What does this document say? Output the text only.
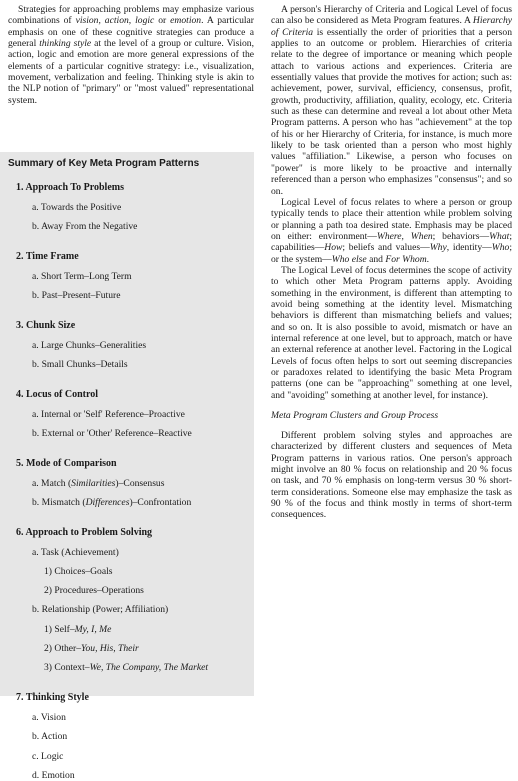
Strategies for approaching problems may emphasize various combinations of vision, action, logic or emotion. A particular emphasis on one of these cognitive strategies can produce a general thinking style at the level of a group or culture. Vision, action, logic and emotion are more general expressions of the elements of a particular cognitive strategy: i.e., visualization, movement, verbalization and feeling. Thinking style is akin to the NLP notion of "primary" or "most valued" representational system.

Summary of Key Meta Program Patterns
1. Approach To Problems
a. Towards the Positive
b. Away From the Negative
2. Time Frame
a. Short Term–Long Term
b. Past–Present–Future
3. Chunk Size
a. Large Chunks–Generalities
b. Small Chunks–Details
4. Locus of Control
a. Internal or 'Self' Reference–Proactive
b. External or 'Other' Reference–Reactive
5. Mode of Comparison
a. Match (Similarities)–Consensus
b. Mismatch (Differences)–Confrontation
6. Approach to Problem Solving
a. Task (Achievement)
1) Choices–Goals
2) Procedures–Operations
b. Relationship (Power; Affiliation)
1) Self–My, I, Me
2) Other–You, His, Their
3) Context–We, The Company, The Market
7. Thinking Style
a. Vision
b. Action
c. Logic
d. Emotion

A person's Hierarchy of Criteria and Logical Level of focus can also be considered as Meta Program features. A Hierarchy of Criteria is essentially the order of priorities that a person applies to an outcome or problem. Hierarchies of criteria relate to the degree of importance or meaning which people attach to various actions and experiences. Criteria are essentially values that provide the motives for action; such as: achievement, power, survival, efficiency, consensus, profit, growth, productivity, affiliation, quality, ecology, etc. Criteria such as these can determine and reveal a lot about other Meta Program patterns. A person who has "achievement" at the top of his or her Hierarchy of Criteria, for instance, is much more likely to be task oriented than a person who most highly values "affiliation." Likewise, a person who focuses on "power" is more likely to be proactive and internally referenced than a person who emphasizes "consensus"; and so on.

Logical Level of focus relates to where a person or group typically tends to place their attention while problem solving or planning a path toa desired state. Emphasis may be placed on either: environment—Where, When; behaviors—What; capabilities—How; beliefs and values—Why, identity—Who; or the system—Who else and For Whom.

The Logical Level of focus determines the scope of activity to which other Meta Program patterns apply. Avoiding something in the environment, is different than attempting to avoid being something at the identity level. Mismatching behaviors is different than mismatching beliefs and values; and so on. It is also possible to avoid, mismatch or have an internal reference at one level, but to approach, match or have an external reference at another level. Factoring in the Logical Levels of focus often helps to sort out seeming discrepancies or paradoxes related to identifying the basic Meta Program patterns (one can be "approaching" something at one level, and "avoiding" something at another level, for instance).

Meta Program Clusters and Group Process

Different problem solving styles and approaches are characterized by different clusters and sequences of Meta Program patterns in various ratios. One person's approach might involve an 80 % focus on relationship and 20 % focus on task, and 70 % emphasis on long-term versus 30 % short-term considerations. Someone else may emphasize the task as 90 % of the focus and think mostly in terms of short-term consequences.
